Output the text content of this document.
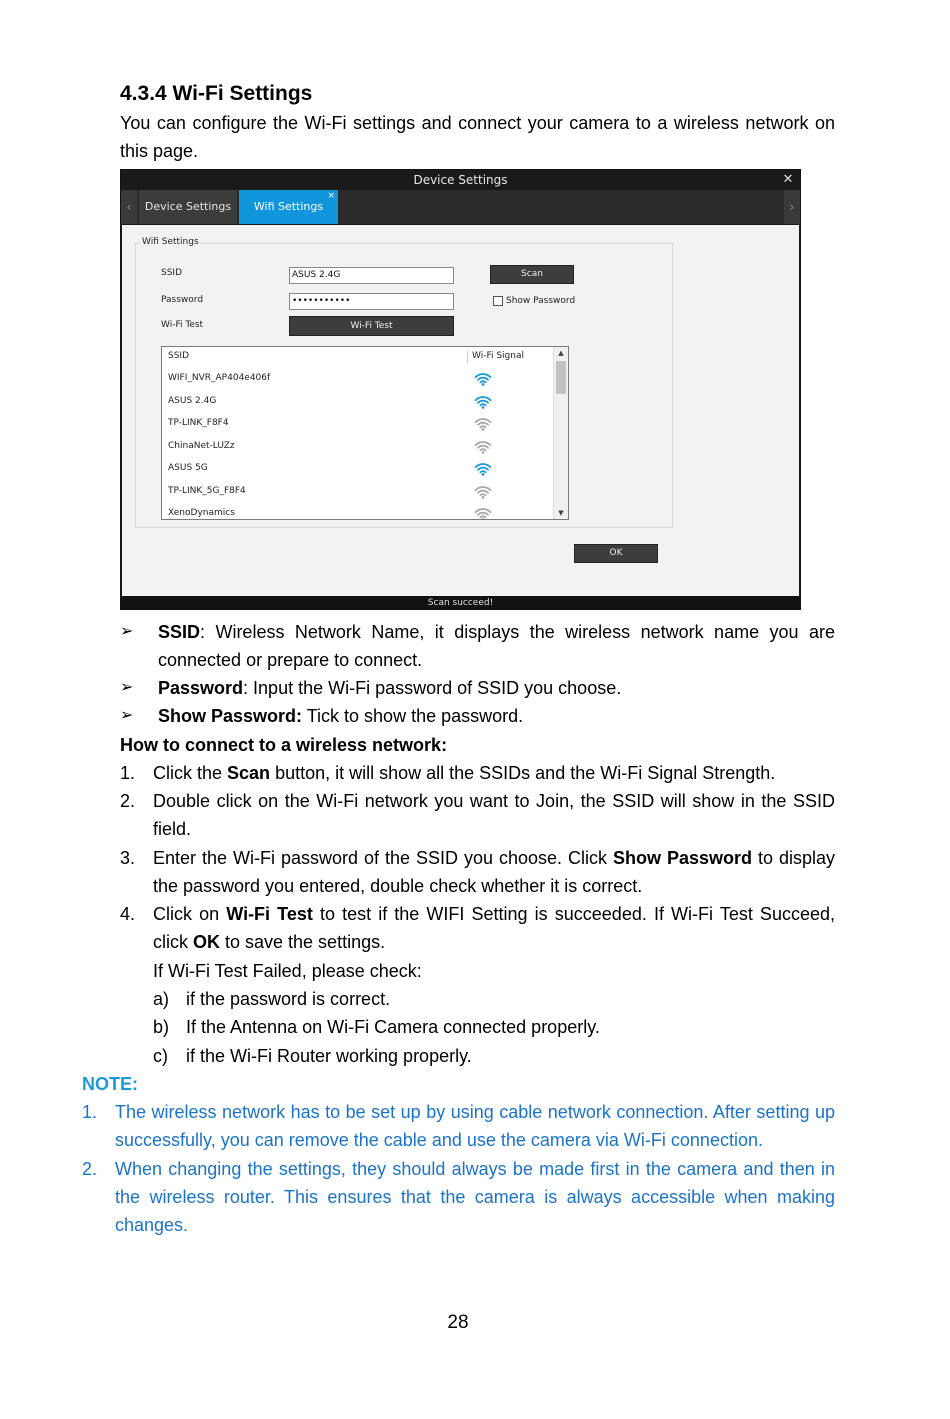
4.3.4 Wi-Fi Settings

You can configure the Wi-Fi settings and connect your camera to a wireless network on this page.

Device Settings	✕
‹	Device Settings	Wifi Settings
×
›
Wifi Settings
SSID	ASUS 2.4G	Scan
Password	•••••••••••	Show Password
Wi-Fi Test	Wi-Fi Test
SSID	Wi-Fi Signal
WIFI_NVR_AP404e406f
ASUS 2.4G
TP-LINK_F8F4
ChinaNet-LUZz
ASUS 5G
TP-LINK_5G_F8F4
XenoDynamics
▲
▼
OK
Scan succeed!
➢ SSID: Wireless Network Name, it displays the wireless network name you are connected or prepare to connect.

➢ Password: Input the Wi-Fi password of SSID you choose.

➢ Show Password: Tick to show the password.

How to connect to a wireless network:

1. Click the Scan button, it will show all the SSIDs and the Wi-Fi Signal Strength.

2. Double click on the Wi-Fi network you want to Join, the SSID will show in the SSID field.

3. Enter the Wi-Fi password of the SSID you choose. Click Show Password to display the password you entered, double check whether it is correct.

4. Click on Wi-Fi Test to test if the WIFI Setting is succeeded. If Wi-Fi Test Succeed, click OK to save the settings.

If Wi-Fi Test Failed, please check:

a) if the password is correct.

b) If the Antenna on Wi-Fi Camera connected properly.

c) if the Wi-Fi Router working properly.

NOTE:

1. The wireless network has to be set up by using cable network connection. After setting up successfully, you can remove the cable and use the camera via Wi-Fi connection.

2. When changing the settings, they should always be made first in the camera and then in the wireless router. This ensures that the camera is always accessible when making changes.

28
